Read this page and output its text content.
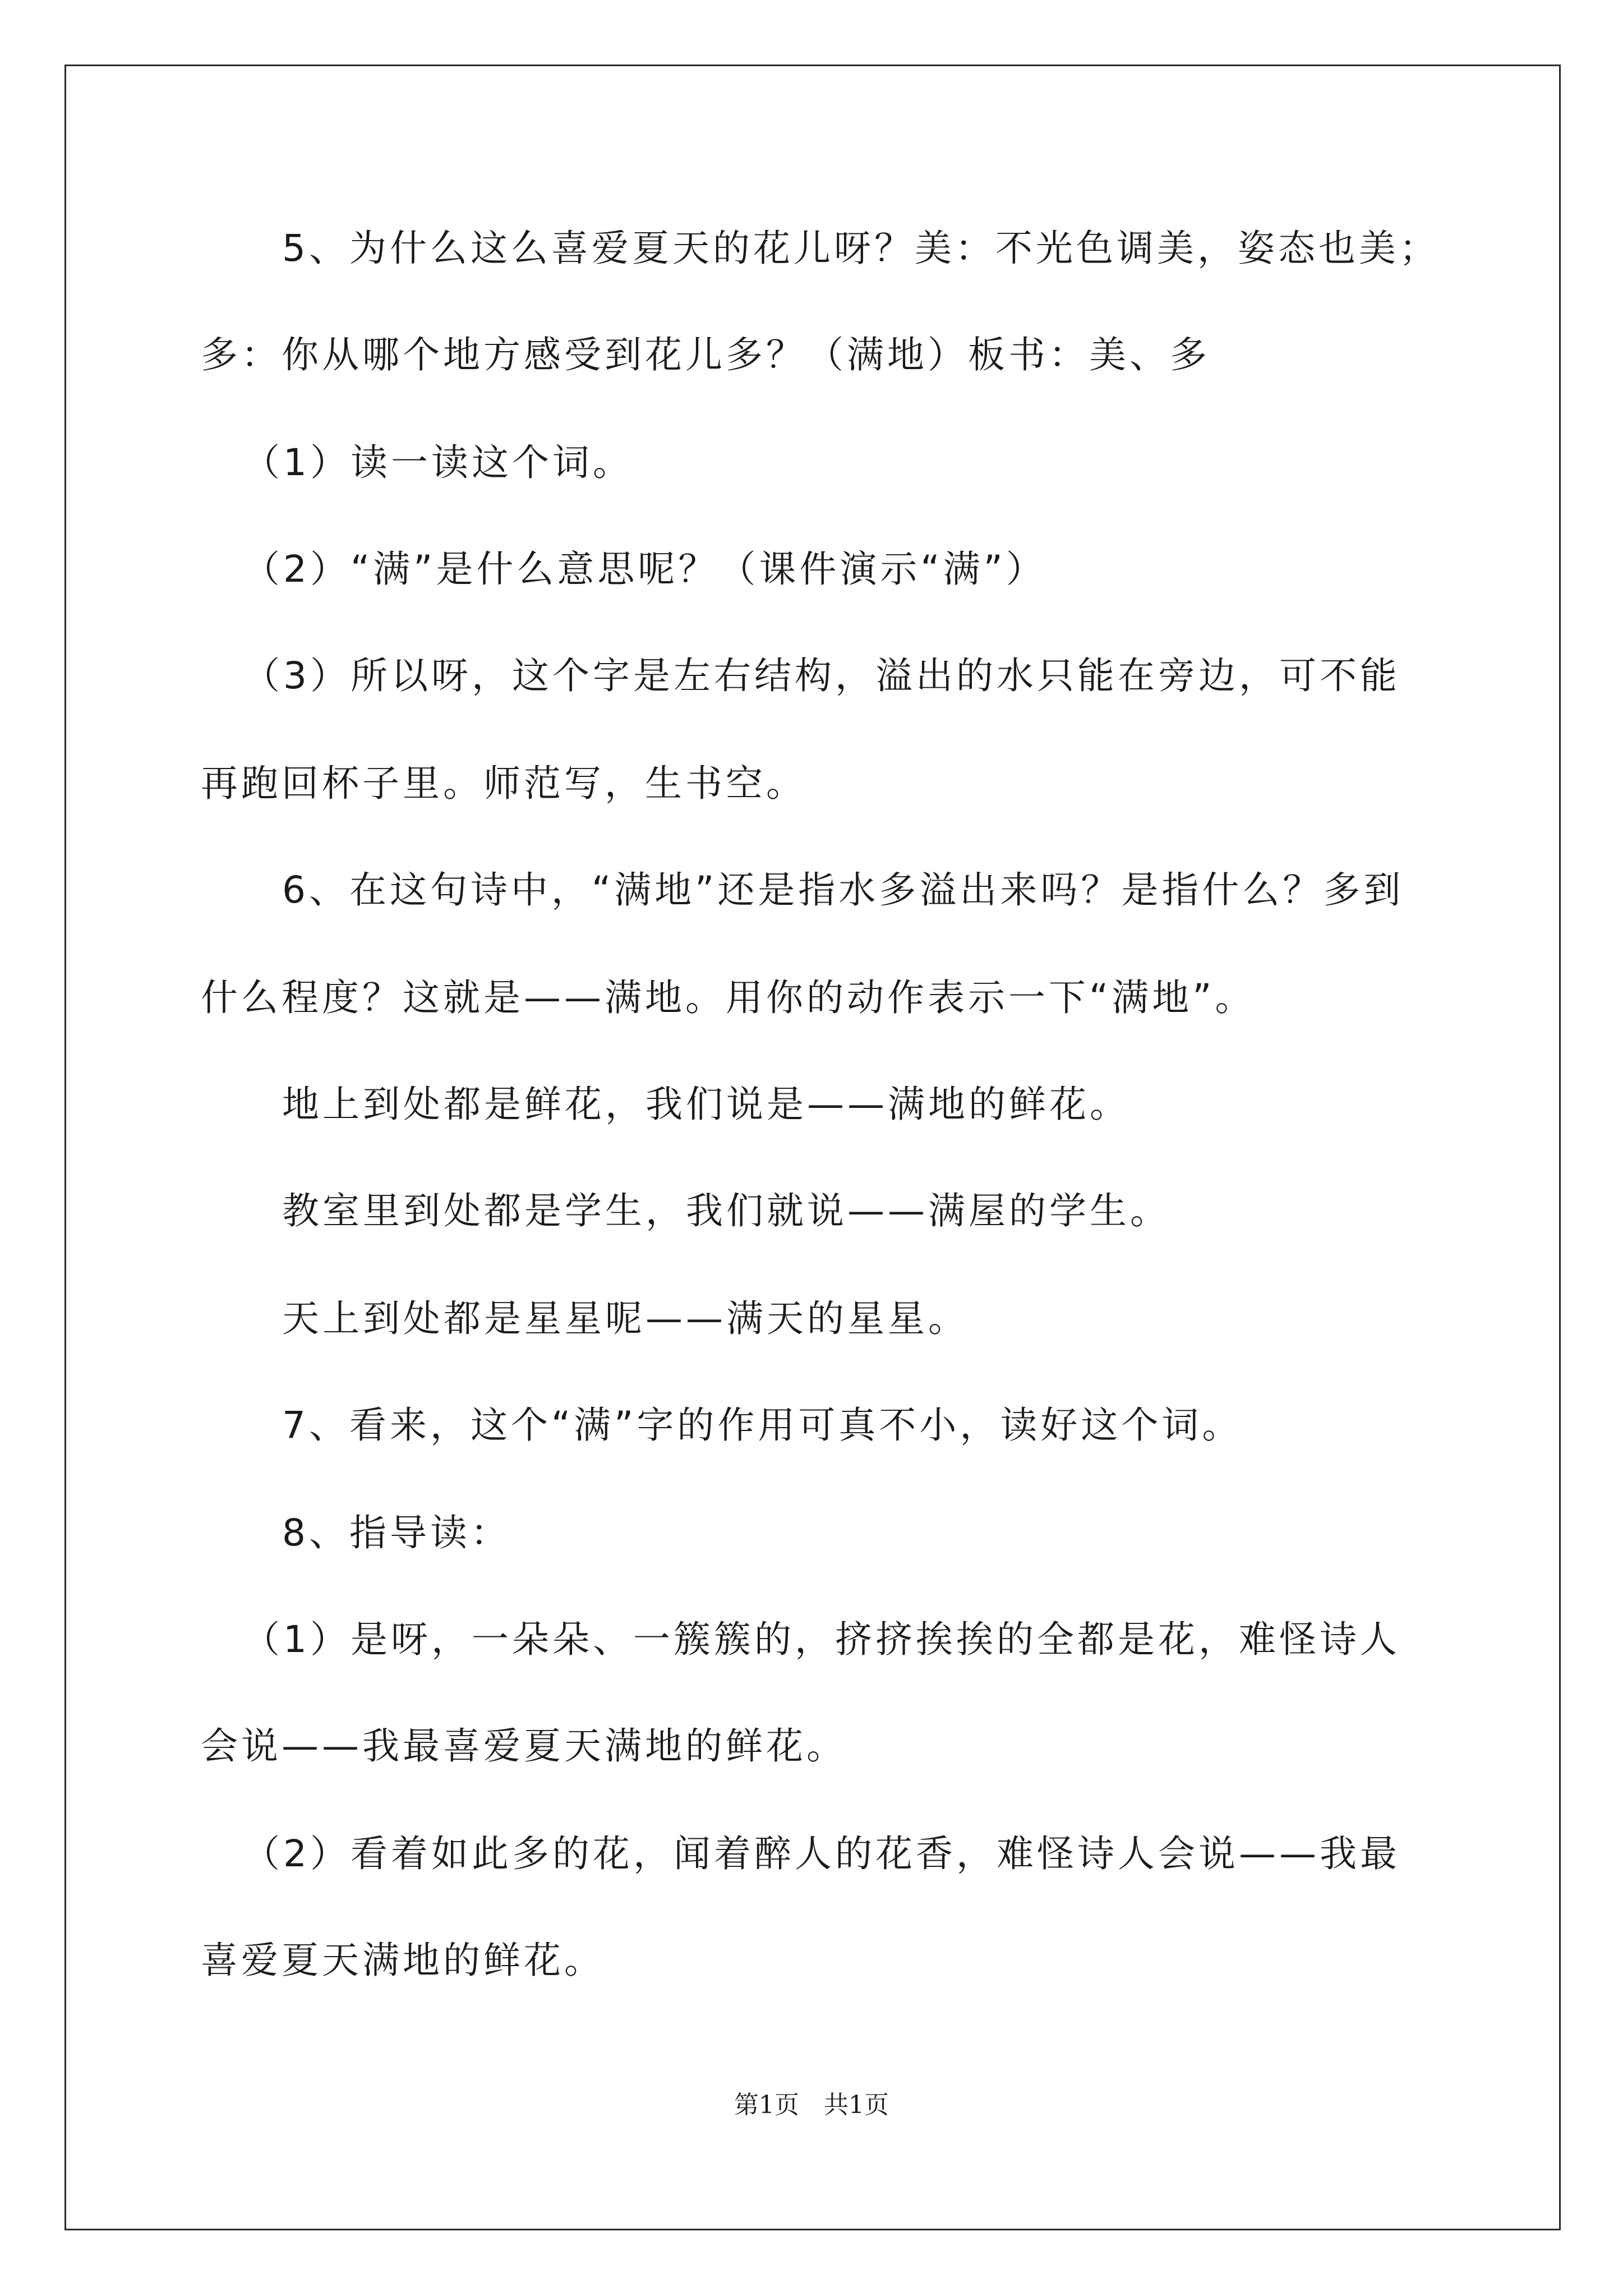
5、为什么这么喜爱夏天的花儿呀？美：不光色调美，姿态也美；
多：你从哪个地方感受到花儿多？（满地）板书：美、多
（1）读一读这个词。
（2）“满”是什么意思呢？（课件演示“满”）
（3）所以呀，这个字是左右结构，溢出的水只能在旁边，可不能
再跑回杯子里。师范写，生书空。
6、在这句诗中，“满地”还是指水多溢出来吗？是指什么？多到
什么程度？这就是——满地。用你的动作表示一下“满地”。
地上到处都是鲜花，我们说是——满地的鲜花。
教室里到处都是学生，我们就说——满屋的学生。
天上到处都是星星呢——满天的星星。
7、看来，这个“满”字的作用可真不小，读好这个词。
8、指导读：
（1）是呀，一朵朵、一簇簇的，挤挤挨挨的全都是花，难怪诗人
会说——我最喜爱夏天满地的鲜花。
（2）看着如此多的花，闻着醉人的花香，难怪诗人会说——我最
喜爱夏天满地的鲜花。
第1页　共1页
